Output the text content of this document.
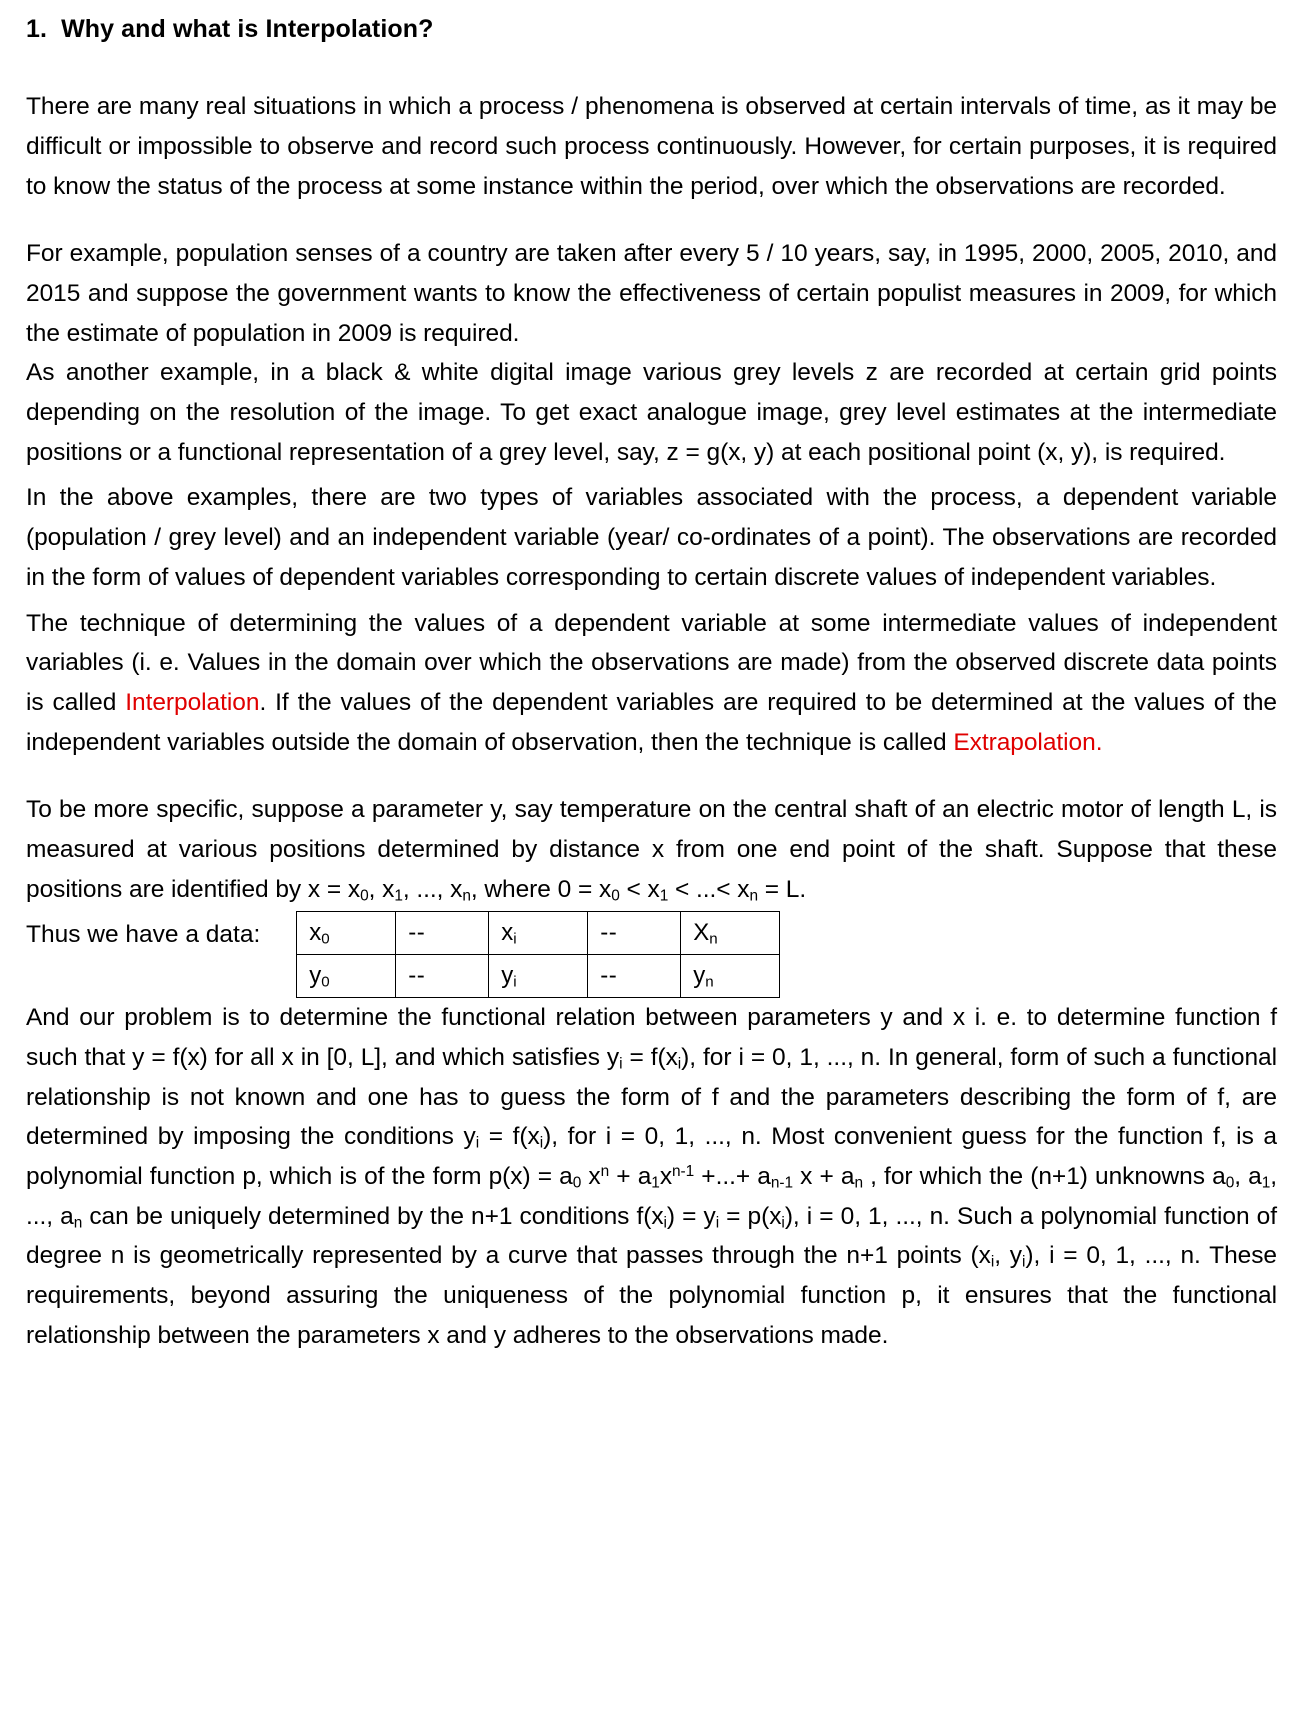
1. Why and what is Interpolation?

There are many real situations in which a process / phenomena is observed at certain intervals of time, as it may be difficult or impossible to observe and record such process continuously. However, for certain purposes, it is required to know the status of the process at some instance within the period, over which the observations are recorded.

For example, population senses of a country are taken after every 5 / 10 years, say, in 1995, 2000, 2005, 2010, and 2015 and suppose the government wants to know the effectiveness of certain populist measures in 2009, for which the estimate of population in 2009 is required.

As another example, in a black & white digital image various grey levels z are recorded at certain grid points depending on the resolution of the image. To get exact analogue image, grey level estimates at the intermediate positions or a functional representation of a grey level, say, z = g(x, y) at each positional point (x, y), is required.

In the above examples, there are two types of variables associated with the process, a dependent variable (population / grey level) and an independent variable (year/ co-ordinates of a point). The observations are recorded in the form of values of dependent variables corresponding to certain discrete values of independent variables.

The technique of determining the values of a dependent variable at some intermediate values of independent variables (i. e. Values in the domain over which the observations are made) from the observed discrete data points is called Interpolation. If the values of the dependent variables are required to be determined at the values of the independent variables outside the domain of observation, then the technique is called Extrapolation.

To be more specific, suppose a parameter y, say temperature on the central shaft of an electric motor of length L, is measured at various positions determined by distance x from one end point of the shaft. Suppose that these positions are identified by $x = x_0$, $x_1$, ..., $x_n$, where $0 = x_0 < x_1$ < ...< $x_n = L$.

Thus we have a data: $x_0$	--	$x_i$	--	$X_n$
$y_0$	--	$y_i$	--	$y_n$

And our problem is to determine the functional relation between parameters y and x i. e. to determine function f such that y = f(x) for all x in [0, L], and which satisfies $y_i = f(x_i)$, for i = 0, 1, ..., n. In general, form of such a functional relationship is not known and one has to guess the form of f and the parameters describing the form of f, are determined by imposing the conditions $y_i = f(x_i)$, for i = 0, 1, ..., n. Most convenient guess for the function f, is a polynomial function p, which is of the form $p(x) = a_0$ $x^n + a_1x^{n-1}$ +...+ $a_{n-1}$ $x + a_n$ , for which the (n+1) unknowns $a_0$, $a_1$, ..., $a_n$ can be uniquely determined by the n+1 conditions $f(x_i) = y_i = p(x_i)$, i = 0, 1, ..., n. Such a polynomial function of degree n is geometrically represented by a curve that passes through the n+1 points ($x_i$, $y_i$), i = 0, 1, ..., n. These requirements, beyond assuring the uniqueness of the polynomial function p, it ensures that the functional relationship between the parameters x and y adheres to the observations made.
